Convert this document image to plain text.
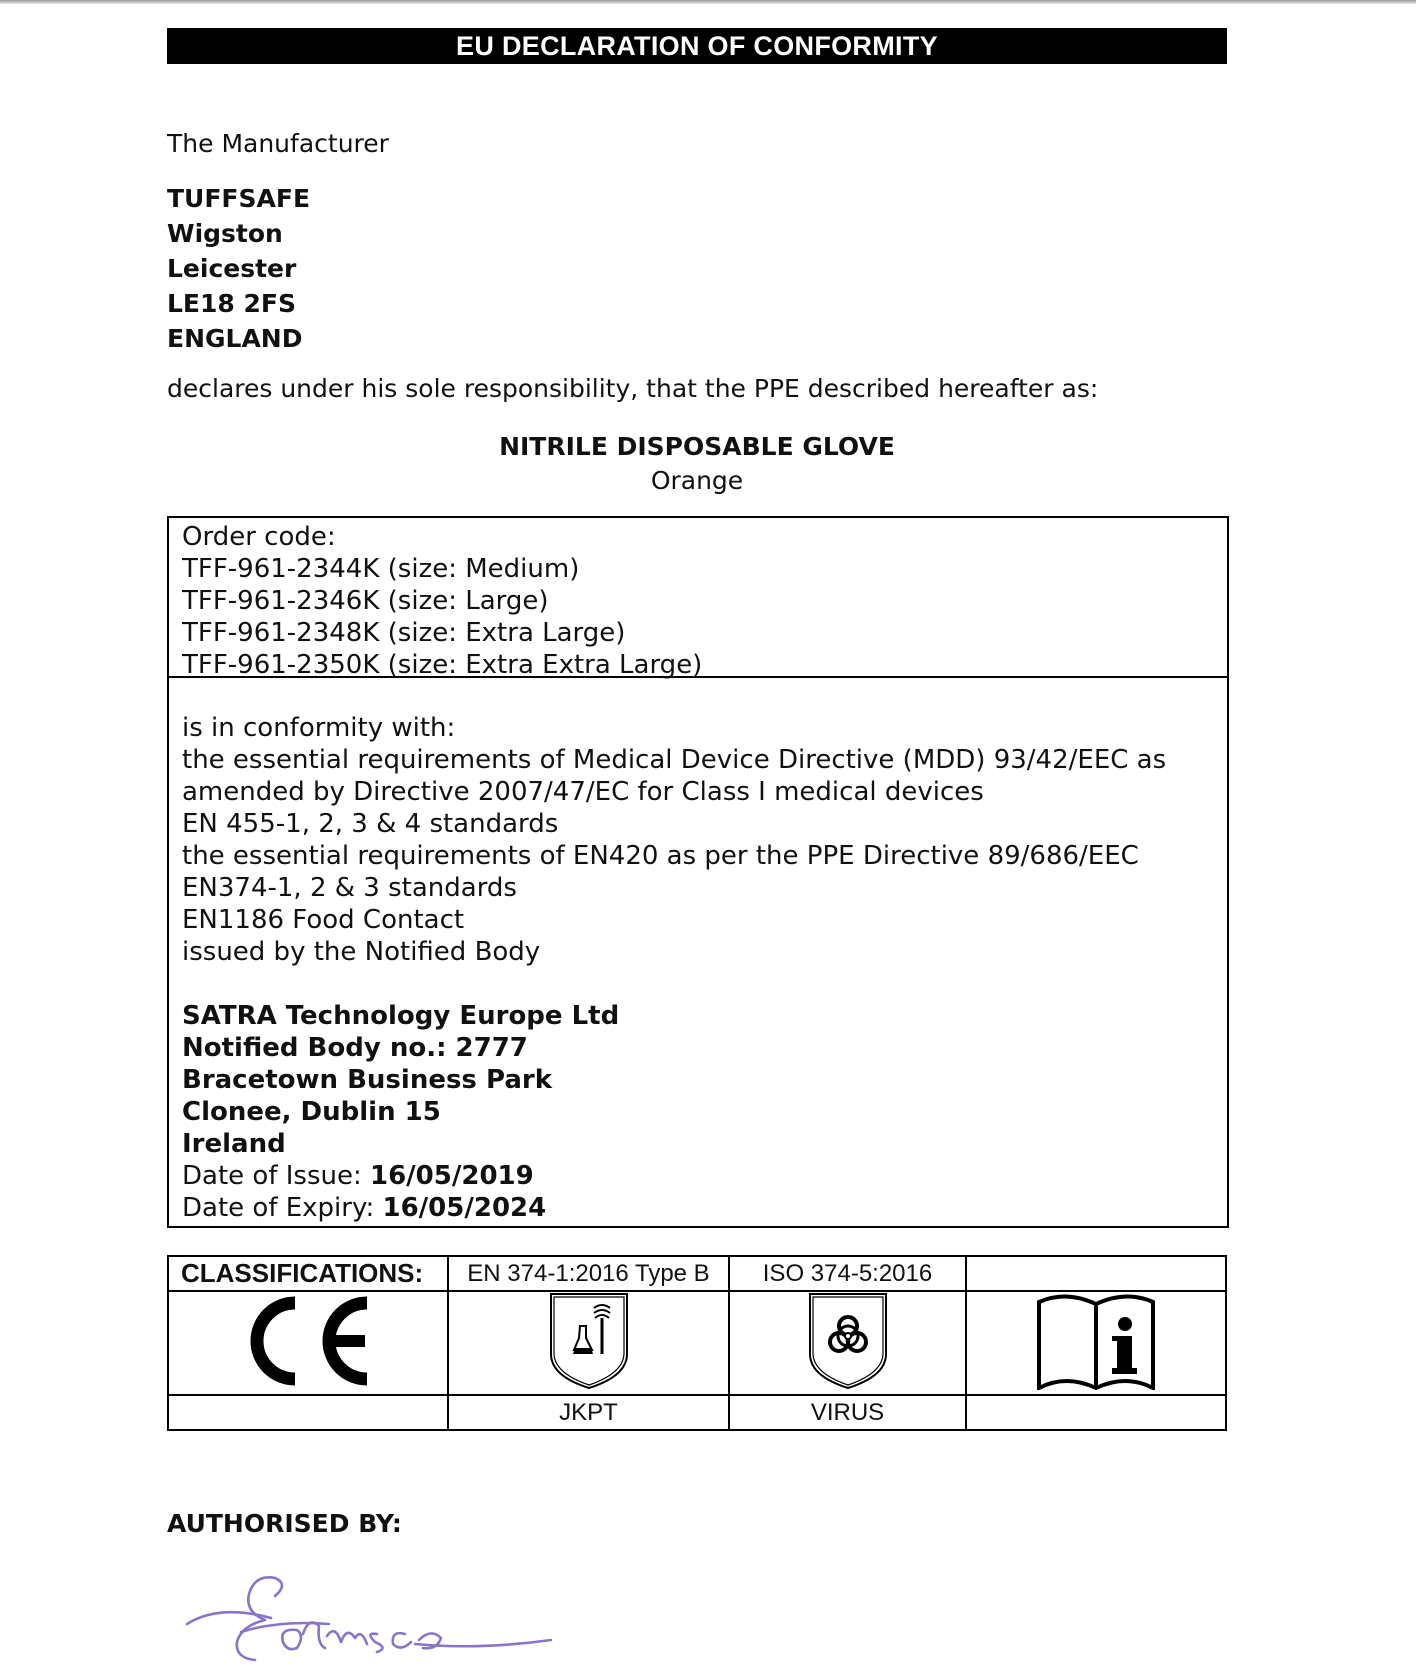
EU DECLARATION OF CONFORMITY
The Manufacturer
TUFFSAFE
Wigston
Leicester
LE18 2FS
ENGLAND
declares under his sole responsibility, that the PPE described hereafter as:
NITRILE DISPOSABLE GLOVE
Orange
Order code:
TFF-961-2344K (size: Medium)
TFF-961-2346K (size: Large)
TFF-961-2348K (size: Extra Large)
TFF-961-2350K (size: Extra Extra Large)
is in conformity with:
the essential requirements of Medical Device Directive (MDD) 93/42/EEC as
amended by Directive 2007/47/EC for Class I medical devices
EN 455-1, 2, 3 & 4 standards
the essential requirements of EN420 as per the PPE Directive 89/686/EEC
EN374-1, 2 & 3 standards
EN1186 Food Contact
issued by the Notified Body
SATRA Technology Europe Ltd
Notified Body no.: 2777
Bracetown Business Park
Clonee, Dublin 15
Ireland
Date of Issue: 16/05/2019
Date of Expiry: 16/05/2024
CLASSIFICATIONS:	EN 374-1:2016 Type B	ISO 374-5:2016	

	JKPT	VIRUS	
AUTHORISED BY:
